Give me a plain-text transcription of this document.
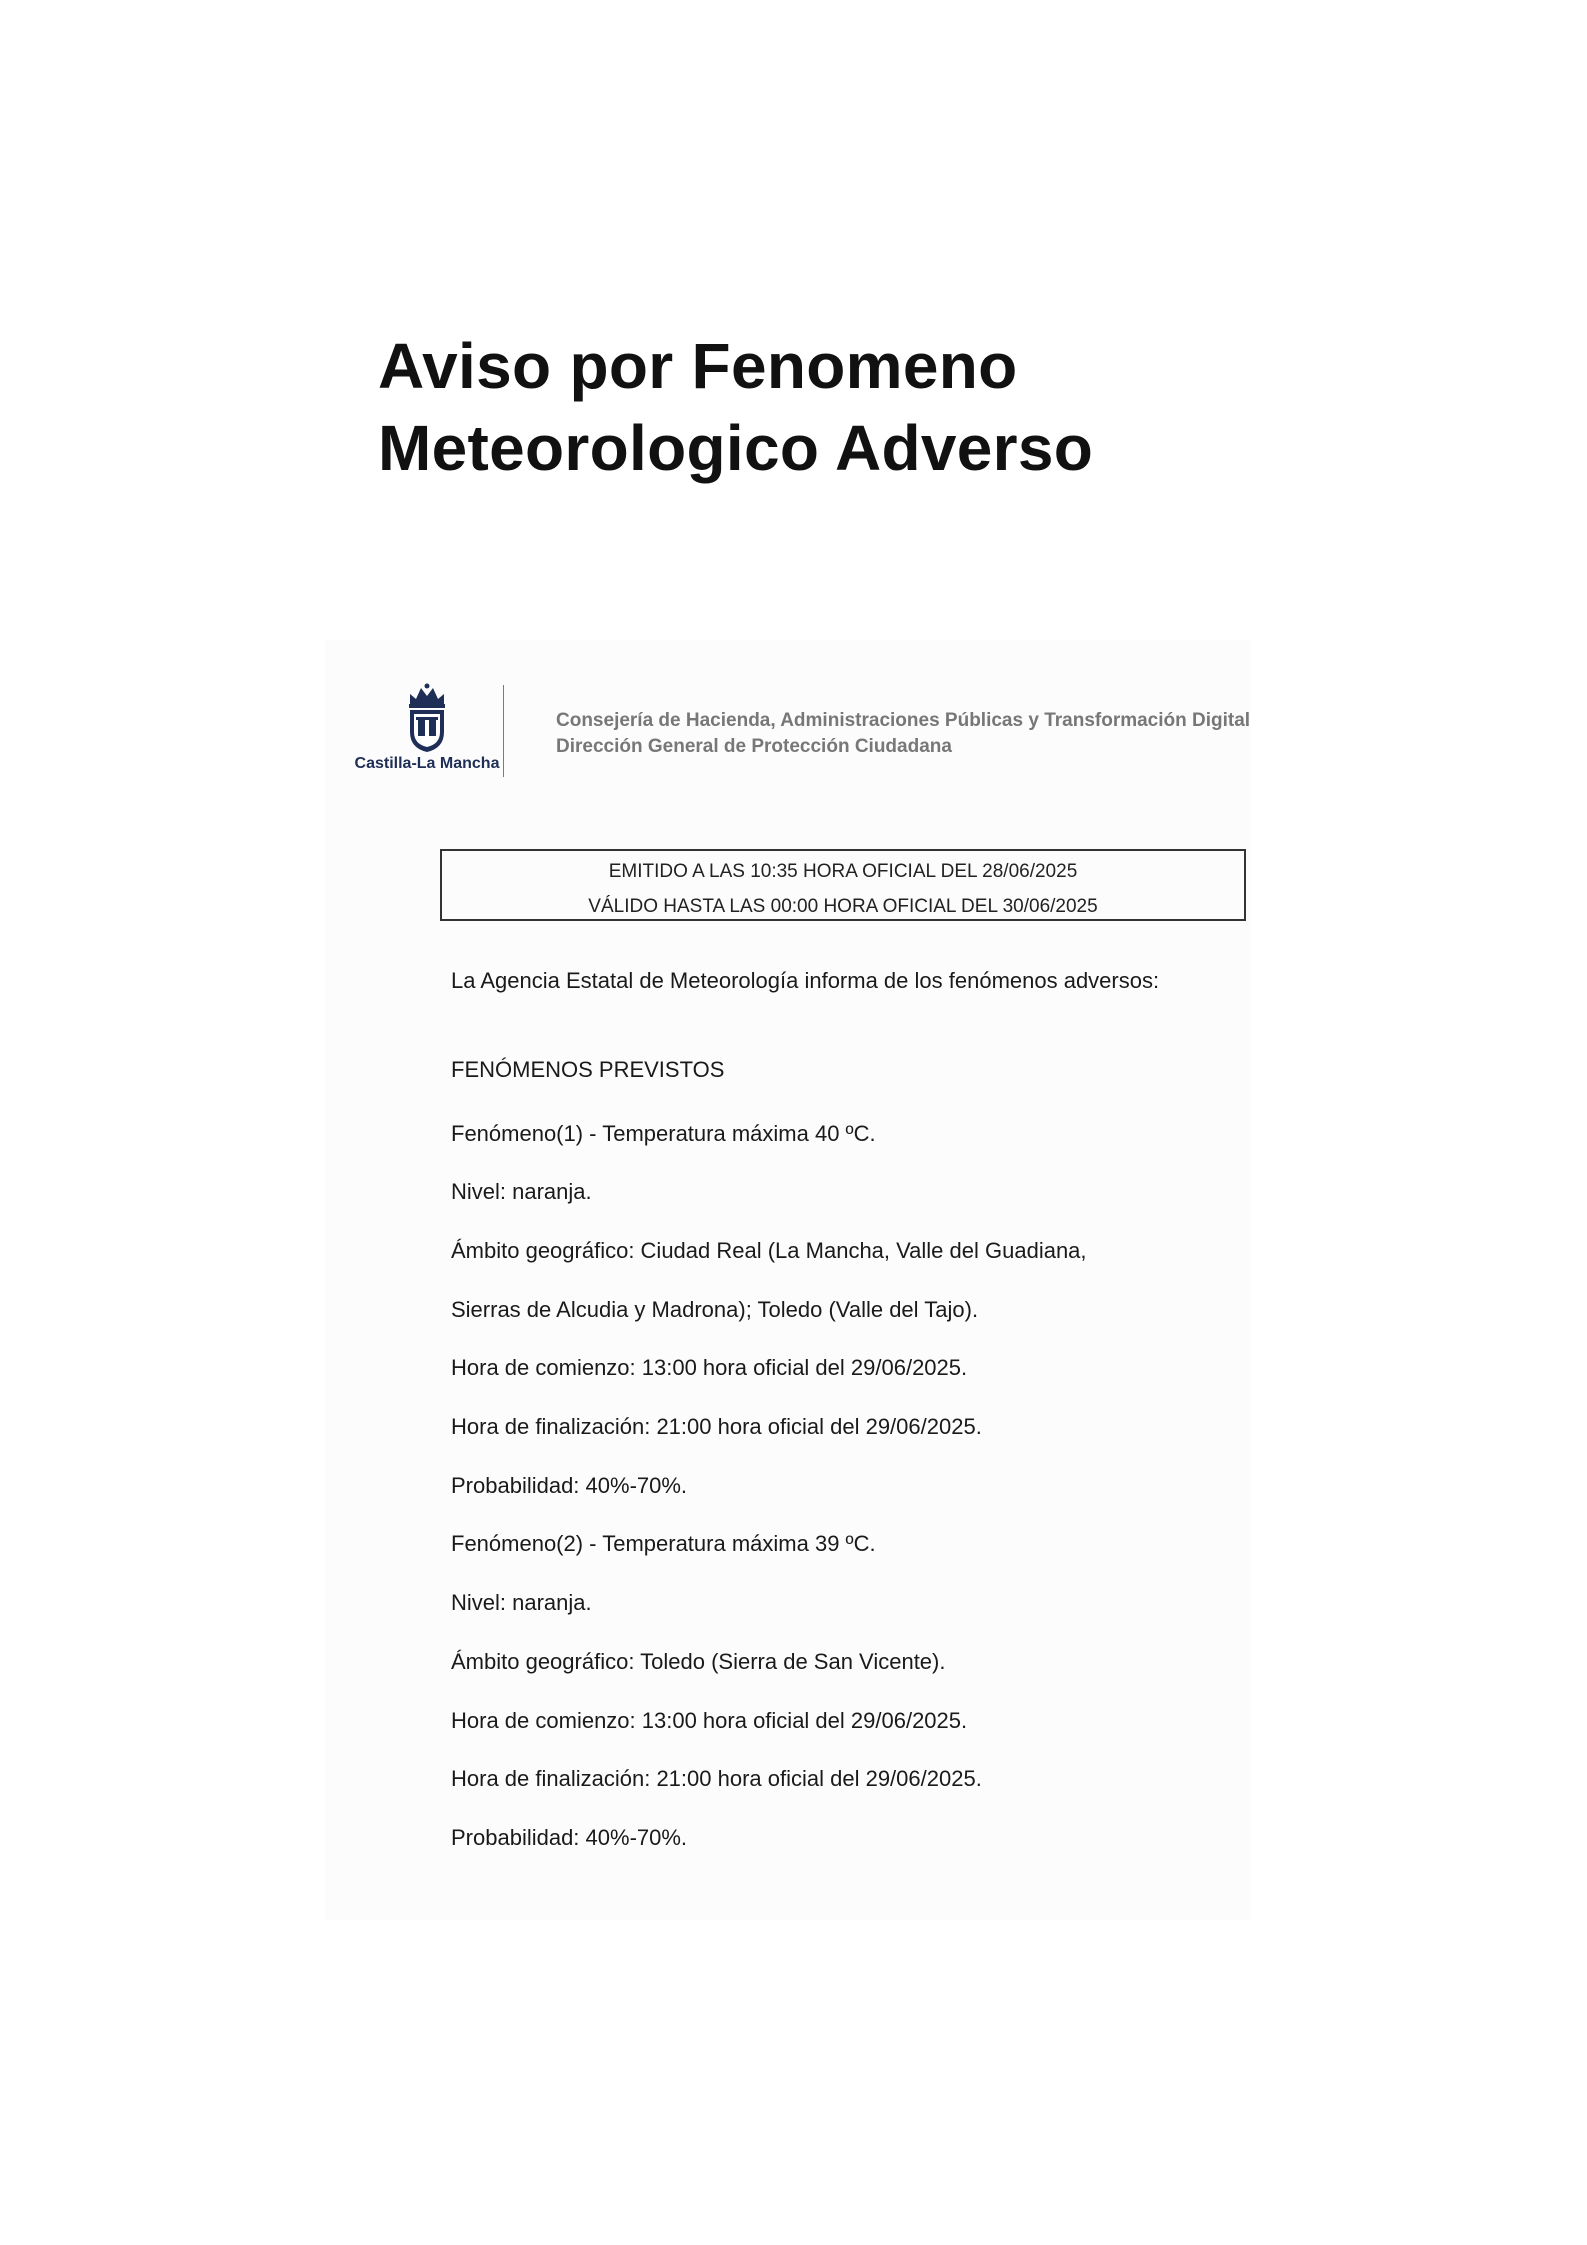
Aviso por Fenomeno
Meteorologico Adverso
Castilla-La Mancha
Consejería de Hacienda, Administraciones Públicas y Transformación Digital
Dirección General de Protección Ciudadana
EMITIDO A LAS 10:35 HORA OFICIAL DEL 28/06/2025
VÁLIDO HASTA LAS 00:00 HORA OFICIAL DEL 30/06/2025
La Agencia Estatal de Meteorología informa de los fenómenos adversos:
FENÓMENOS PREVISTOS
Fenómeno(1) - Temperatura máxima 40 ºC.
Nivel: naranja.
Ámbito geográfico: Ciudad Real (La Mancha, Valle del Guadiana,
Sierras de Alcudia y Madrona); Toledo (Valle del Tajo).
Hora de comienzo: 13:00 hora oficial del 29/06/2025.
Hora de finalización: 21:00 hora oficial del 29/06/2025.
Probabilidad: 40%-70%.
Fenómeno(2) - Temperatura máxima 39 ºC.
Nivel: naranja.
Ámbito geográfico: Toledo (Sierra de San Vicente).
Hora de comienzo: 13:00 hora oficial del 29/06/2025.
Hora de finalización: 21:00 hora oficial del 29/06/2025.
Probabilidad: 40%-70%.
